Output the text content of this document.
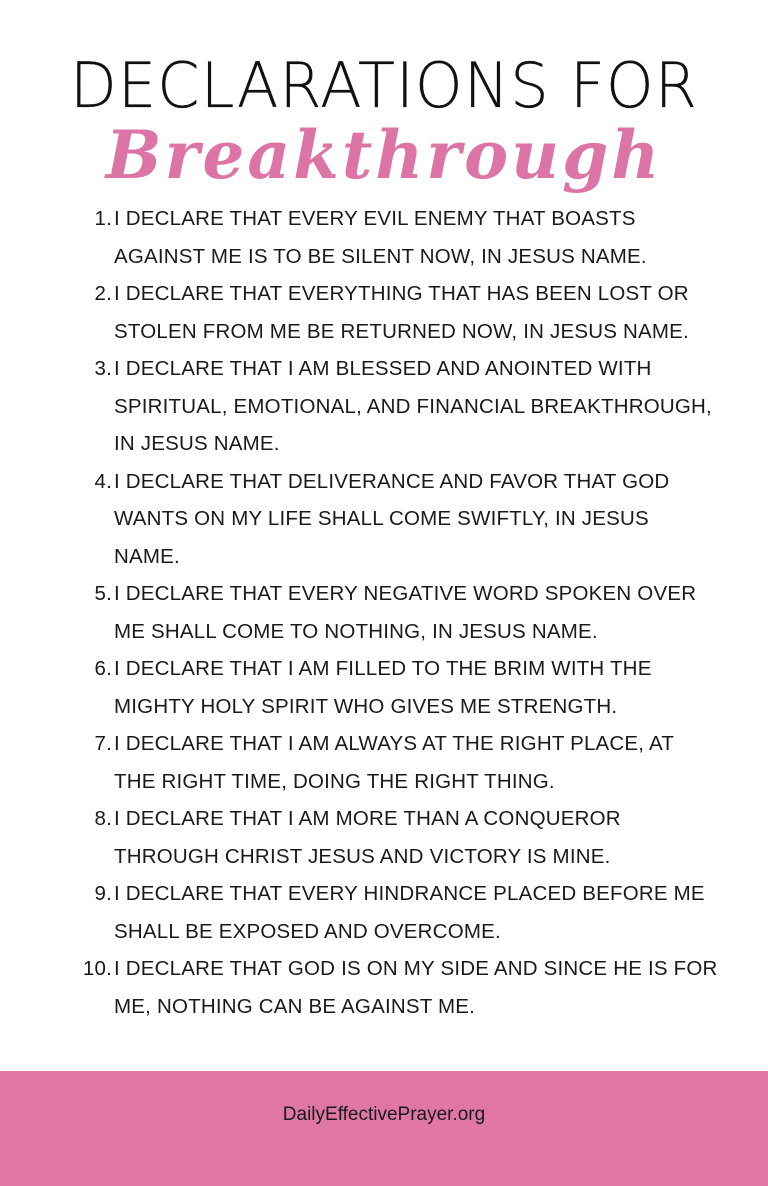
DECLARATIONS FOR
Breakthrough
1. I DECLARE THAT EVERY EVIL ENEMY THAT BOASTS AGAINST ME IS TO BE SILENT NOW, IN JESUS NAME.
2. I DECLARE THAT EVERYTHING THAT HAS BEEN LOST OR STOLEN FROM ME BE RETURNED NOW, IN JESUS NAME.
3. I DECLARE THAT I AM BLESSED AND ANOINTED WITH SPIRITUAL, EMOTIONAL, AND FINANCIAL BREAKTHROUGH, IN JESUS NAME.
4. I DECLARE THAT DELIVERANCE AND FAVOR THAT GOD WANTS ON MY LIFE SHALL COME SWIFTLY, IN JESUS NAME.
5. I DECLARE THAT EVERY NEGATIVE WORD SPOKEN OVER ME SHALL COME TO NOTHING, IN JESUS NAME.
6. I DECLARE THAT I AM FILLED TO THE BRIM WITH THE MIGHTY HOLY SPIRIT WHO GIVES ME STRENGTH.
7. I DECLARE THAT I AM ALWAYS AT THE RIGHT PLACE, AT THE RIGHT TIME, DOING THE RIGHT THING.
8. I DECLARE THAT I AM MORE THAN A CONQUEROR THROUGH CHRIST JESUS AND VICTORY IS MINE.
9. I DECLARE THAT EVERY HINDRANCE PLACED BEFORE ME SHALL BE EXPOSED AND OVERCOME.
10. I DECLARE THAT GOD IS ON MY SIDE AND SINCE HE IS FOR ME, NOTHING CAN BE AGAINST ME.
DailyEffectivePrayer.org
